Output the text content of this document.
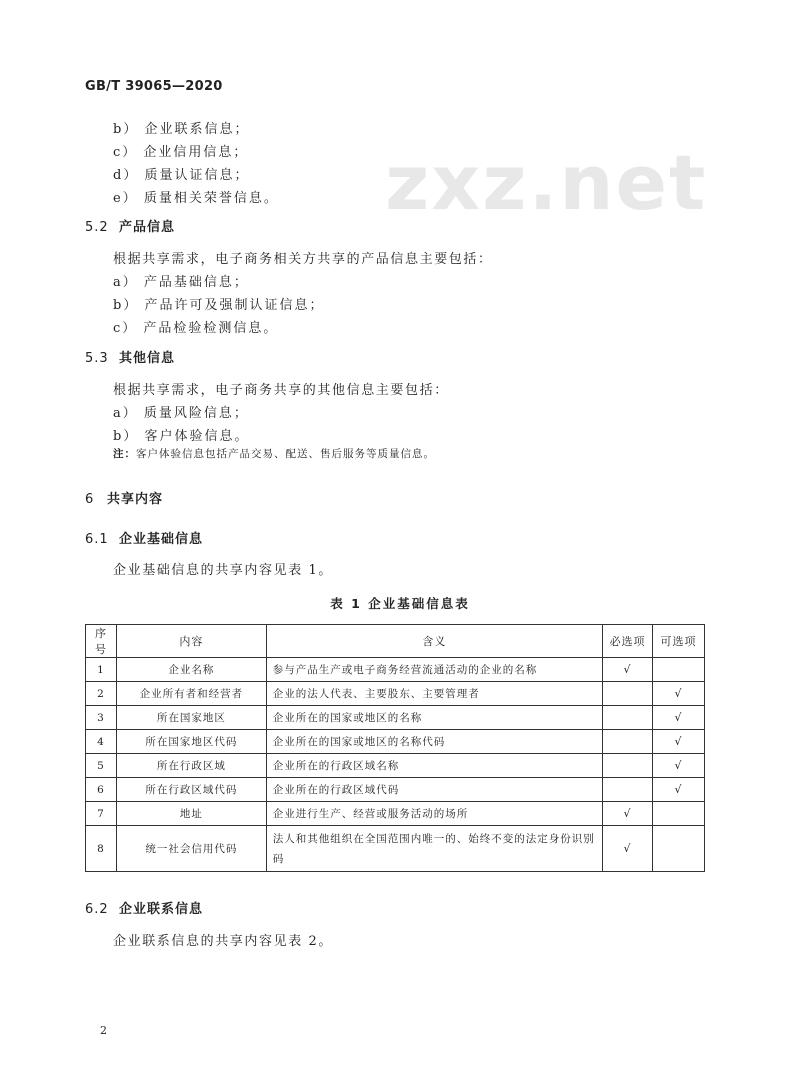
GB/T 39065—2020
zxz.net
b） 企业联系信息；
c） 企业信用信息；
d） 质量认证信息；
e） 质量相关荣誉信息。
5.2 产品信息
根据共享需求，电子商务相关方共享的产品信息主要包括：
a） 产品基础信息；
b） 产品许可及强制认证信息；
c） 产品检验检测信息。
5.3 其他信息
根据共享需求，电子商务共享的其他信息主要包括：
a） 质量风险信息；
b） 客户体验信息。
注：客户体验信息包括产品交易、配送、售后服务等质量信息。
6 共享内容
6.1 企业基础信息
企业基础信息的共享内容见表 1。
表 1 企业基础信息表
序号	内容	含义	必选项	可选项
1	企业名称	参与产品生产或电子商务经营流通活动的企业的名称	√	
2	企业所有者和经营者	企业的法人代表、主要股东、主要管理者		√
3	所在国家地区	企业所在的国家或地区的名称		√
4	所在国家地区代码	企业所在的国家或地区的名称代码		√
5	所在行政区域	企业所在的行政区域名称		√
6	所在行政区域代码	企业所在的行政区域代码		√
7	地址	企业进行生产、经营或服务活动的场所	√	
8	统一社会信用代码	法人和其他组织在全国范围内唯一的、始终不变的法定身份识别码	√	
6.2 企业联系信息
企业联系信息的共享内容见表 2。
2
